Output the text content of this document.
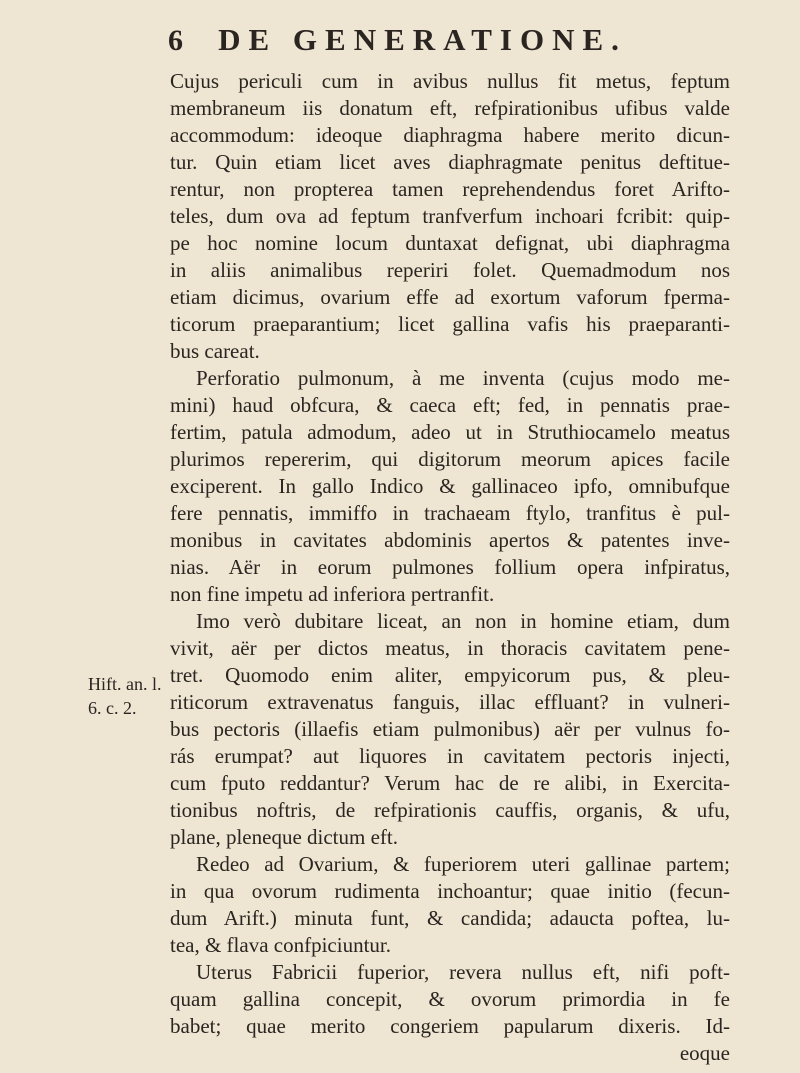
6 DE GENERATIONE.
Cujus periculi cum in avibus nullus fit metus, feptum
membraneum iis donatum eft, refpirationibus ufibus valde
accommodum: ideoque diaphragma habere merito dicun-
tur. Quin etiam licet aves diaphragmate penitus deftitue-
rentur, non propterea tamen reprehendendus foret Arifto-
teles, dum ova ad feptum tranfverfum inchoari fcribit: quip-
pe hoc nomine locum duntaxat defignat, ubi diaphragma
in aliis animalibus reperiri folet. Quemadmodum nos
etiam dicimus, ovarium effe ad exortum vaforum fperma-
ticorum praeparantium; licet gallina vafis his praeparanti-
bus careat.
Perforatio pulmonum, à me inventa (cujus modo me-
mini) haud obfcura, & caeca eft; fed, in pennatis prae-
fertim, patula admodum, adeo ut in Struthiocamelo meatus
plurimos repererim, qui digitorum meorum apices facile
exciperent. In gallo Indico & gallinaceo ipfo, omnibufque
fere pennatis, immiffo in trachaeam ftylo, tranfitus è pul-
monibus in cavitates abdominis apertos & patentes inve-
nias. Aër in eorum pulmones follium opera infpiratus,
non fine impetu ad inferiora pertranfit.
Imo verò dubitare liceat, an non in homine etiam, dum
vivit, aër per dictos meatus, in thoracis cavitatem pene-
tret. Quomodo enim aliter, empyicorum pus, & pleu-
riticorum extravenatus fanguis, illac effluant? in vulneri-
bus pectoris (illaefis etiam pulmonibus) aër per vulnus fo-
rás erumpat? aut liquores in cavitatem pectoris injecti,
cum fputo reddantur? Verum hac de re alibi, in Exercita-
tionibus noftris, de refpirationis cauffis, organis, & ufu,
plane, pleneque dictum eft.
Redeo ad Ovarium, & fuperiorem uteri gallinae partem;
in qua ovorum rudimenta inchoantur; quae initio (fecun-
dum Arift.) minuta funt, & candida; adaucta poftea, lu-
tea, & flava confpiciuntur.
Uterus Fabricii fuperior, revera nullus eft, nifi poft-
quam gallina concepit, & ovorum primordia in fe
babet; quae merito congeriem papularum dixeris. Id-
eoque
Hift. an. l.
6. c. 2.
